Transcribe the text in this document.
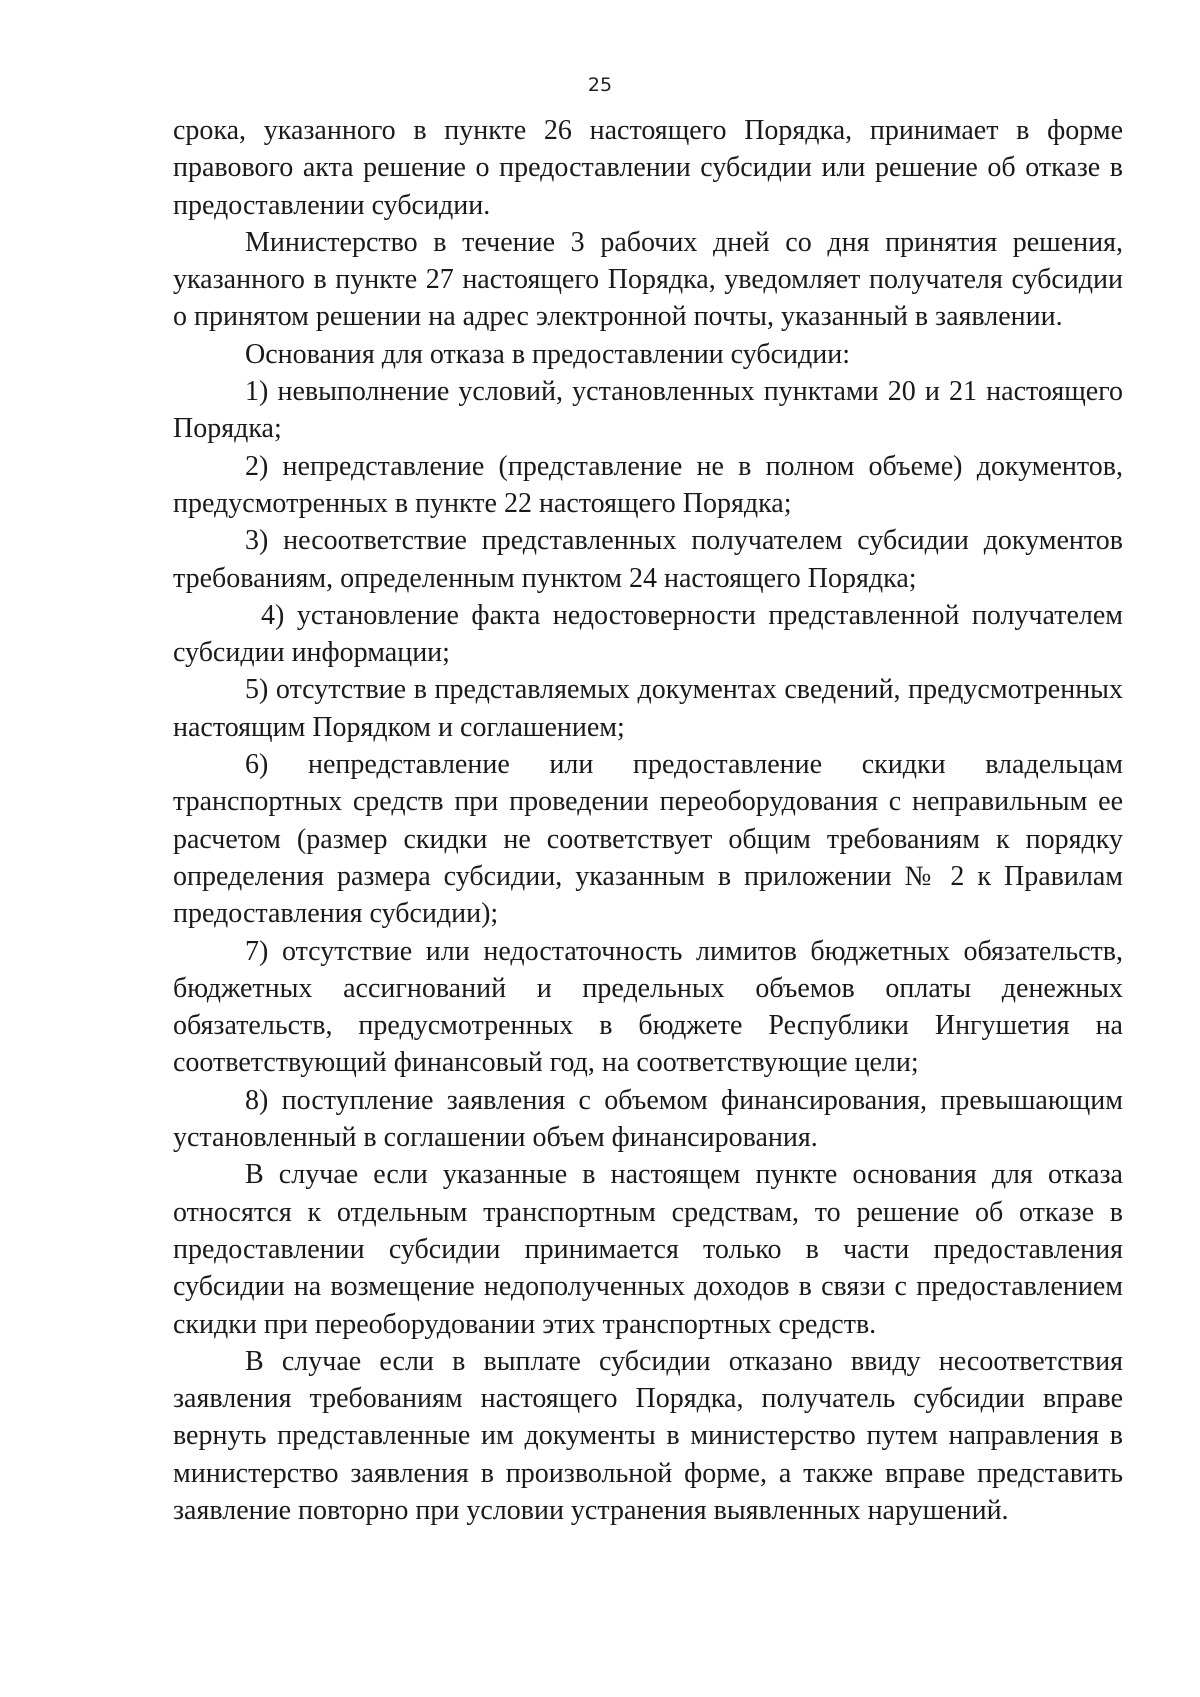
25

срока, указанного в пункте 26 настоящего Порядка, принимает в форме правового акта решение о предоставлении субсидии или решение об отказе в предоставлении субсидии.

Министерство в течение 3 рабочих дней со дня принятия решения, указанного в пункте 27 настоящего Порядка, уведомляет получателя субсидии о принятом решении на адрес электронной почты, указанный в заявлении.

Основания для отказа в предоставлении субсидии:

1) невыполнение условий, установленных пунктами 20 и 21 настоящего Порядка;

2) непредставление (представление не в полном объеме) документов, предусмотренных в пункте 22 настоящего Порядка;

3) несоответствие представленных получателем субсидии документов требованиям, определенным пунктом 24 настоящего Порядка;

4) установление факта недостоверности представленной получателем субсидии информации;

5) отсутствие в представляемых документах сведений, предусмотренных настоящим Порядком и соглашением;

6) непредставление или предоставление скидки владельцам транспортных средств при проведении переоборудования с неправильным ее расчетом (размер скидки не соответствует общим требованиям к порядку определения размера субсидии, указанным в приложении № 2 к Правилам предоставления субсидии);

7) отсутствие или недостаточность лимитов бюджетных обязательств, бюджетных ассигнований и предельных объемов оплаты денежных обязательств, предусмотренных в бюджете Республики Ингушетия на соответствующий финансовый год, на соответствующие цели;

8) поступление заявления с объемом финансирования, превышающим установленный в соглашении объем финансирования.

В случае если указанные в настоящем пункте основания для отказа относятся к отдельным транспортным средствам, то решение об отказе в предоставлении субсидии принимается только в части предоставления субсидии на возмещение недополученных доходов в связи с предоставлением скидки при переоборудовании этих транспортных средств.

В случае если в выплате субсидии отказано ввиду несоответствия заявления требованиям настоящего Порядка, получатель субсидии вправе вернуть представленные им документы в министерство путем направления в министерство заявления в произвольной форме, а также вправе представить заявление повторно при условии устранения выявленных нарушений.
